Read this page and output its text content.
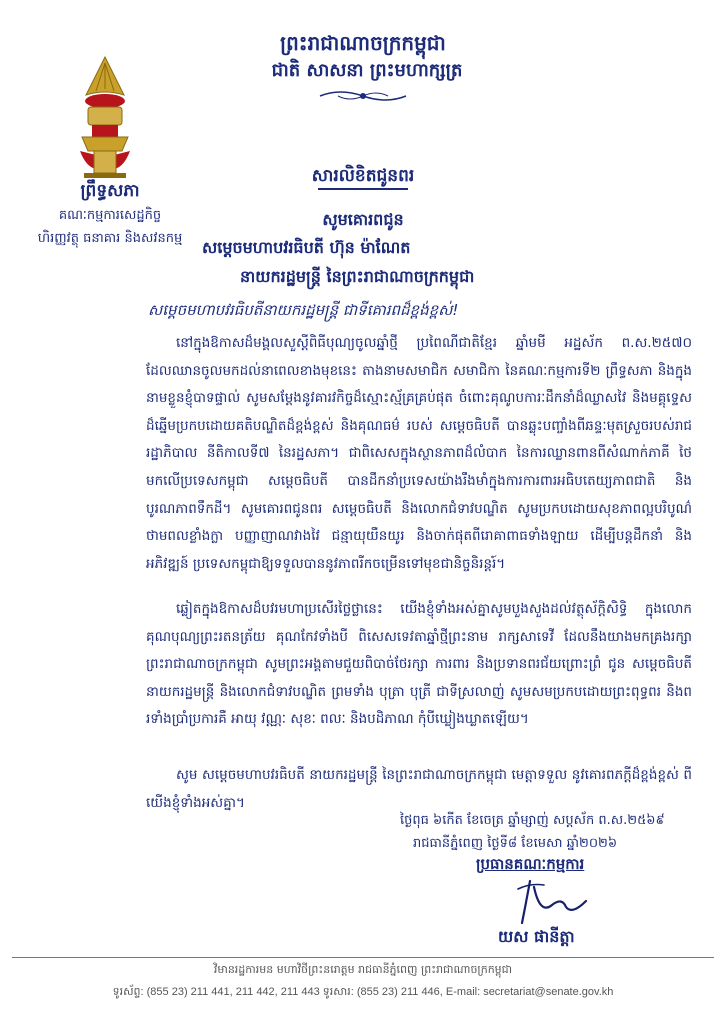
ព្រះរាជាណាចក្រកម្ពុជា
ជាតិ សាសនា ព្រះមហាក្សត្រ
ព្រឹទ្ធសភា
គណៈកម្មការសេដ្ឋកិច្ច
ហិរញ្ញវត្ថុ ធនាគារ និងសវនកម្ម
សារលិខិតជូនពរ
សូមគោរពជូន
សម្តេចមហាបវរធិបតី ហ៊ុន ម៉ាណែត
នាយករដ្ឋមន្ត្រី នៃព្រះរាជាណាចក្រកម្ពុជា
សម្តេចមហាបវរធិបតីនាយករដ្ឋមន្ត្រី ជាទីគោរពដ៏ខ្ពង់ខ្ពស់!
នៅក្នុងឱកាសដ៏មង្គលសួស្តីពិធីបុណ្យចូលឆ្នាំថ្មី ប្រពៃណីជាតិខ្មែរ ឆ្នាំមមី អដ្ឋស័ក ព.ស.២៥៧០ ដែលឈានចូលមកដល់នាពេលខាងមុខនេះ តាងនាមសមាជិក សមាជិកា នៃគណៈកម្មការទី២ ព្រឹទ្ធសភា និងក្នុងនាមខ្លួនខ្ញុំបាទផ្ទាល់ សូមសម្តែងនូវគារវកិច្ចដ៏ស្មោះស្ម័គ្រគ្រប់ផុត ចំពោះគុណូបការៈដឹកនាំដ៏ឈ្លាសវៃ និងមគ្គុទ្ទេសដ៏ឆ្នើមប្រកបដោយគតិបណ្ឌិតដ៏ខ្ពង់ខ្ពស់ និងគុណធម៌ របស់ សម្តេចធិបតី បានឆ្លុះបញ្ចាំងពីឆន្ទៈមុតស្រួចរបស់រាជរដ្ឋាភិបាល នីតិកាលទី៧ នៃរដ្ឋសភា។ ជាពិសេសក្នុងស្ថានភាពដ៏លំបាក នៃការឈ្លានពានពីសំណាក់ភាគី ថៃ មកលើប្រទេសកម្ពុជា សម្តេចធិបតី បានដឹកនាំប្រទេសយ៉ាងរឹងមាំក្នុងការការពារអធិបតេយ្យភាពជាតិ និងបូរណភាពទឹកដី។ សូមគោរពជូនពរ សម្តេចធិបតី និងលោកជំទាវបណ្ឌិត សូមប្រកបដោយសុខភាពល្អបរិបូណ៌ ថាមពលខ្លាំងក្លា បញ្ញាញាណវាងវៃ ជន្មាយុយឺនយូរ និងចាក់ផុតពីរោគាពាធទាំងឡាយ ដើម្បីបន្តដឹកនាំ និងអភិវឌ្ឍន៍ ប្រទេសកម្ពុជាឱ្យទទួលបាននូវភាពរីកចម្រើនទៅមុខជានិច្ចនិរន្តរ៍។
ឆ្លៀតក្នុងឱកាសដ៏បវរមហាប្រសើរថ្លៃថ្លានេះ យើងខ្ញុំទាំងអស់គ្នាសូមបួងសួងដល់វត្ថុស័ក្តិសិទ្ធិ ក្នុងលោក គុណបុណ្យព្រះរតនត្រ័យ គុណកែវទាំងបី ពិសេសទេវតាឆ្នាំថ្មីព្រះនាម រាក្សសាទេវី ដែលនឹងយាងមកគ្រងរក្សាព្រះរាជាណាចក្រកម្ពុជា សូមព្រះអង្គតាមជួយពិបាច់ថែរក្សា ការពារ និងប្រទានពរជ័យព្រោះព្រំ ជូន សម្តេចធិបតី នាយករដ្ឋមន្ត្រី និងលោកជំទាវបណ្ឌិត ព្រមទាំង បុត្រា បុត្រី ជាទីស្រលាញ់ សូមសមប្រកបដោយព្រះពុទ្ធពរ និងពរទាំងប្រាំប្រការគឺ អាយុ វណ្ណៈ សុខៈ ពលៈ និងបដិភាណ កុំបីឃ្លៀងឃ្លាតឡើយ។
សូម សម្តេចមហាបវរធិបតី នាយករដ្ឋមន្ត្រី នៃព្រះរាជាណាចក្រកម្ពុជា មេត្តាទទួល នូវគោរពភក្តីដ៏ខ្ពង់ខ្ពស់ ពីយើងខ្ញុំទាំងអស់គ្នា។
ថ្ងៃពុធ ៦កើត ខែចេត្រ ឆ្នាំម្សាញ់ សប្តស័ក ព.ស.២៥៦៩
រាជធានីភ្នំពេញ ថ្ងៃទី៨ ខែមេសា ឆ្នាំ២០២៦
ប្រធានគណៈកម្មការ
យស ផានីត្តា
វិមានរដ្ឋការមន មហាវិថីព្រះនរោត្តម រាជធានីភ្នំពេញ ព្រះរាជាណាចក្រកម្ពុជា
ទូរស័ព្ទ: (855 23) 211 441, 211 442, 211 443 ទូរសារ: (855 23) 211 446, E-mail: secretariat@senate.gov.kh
